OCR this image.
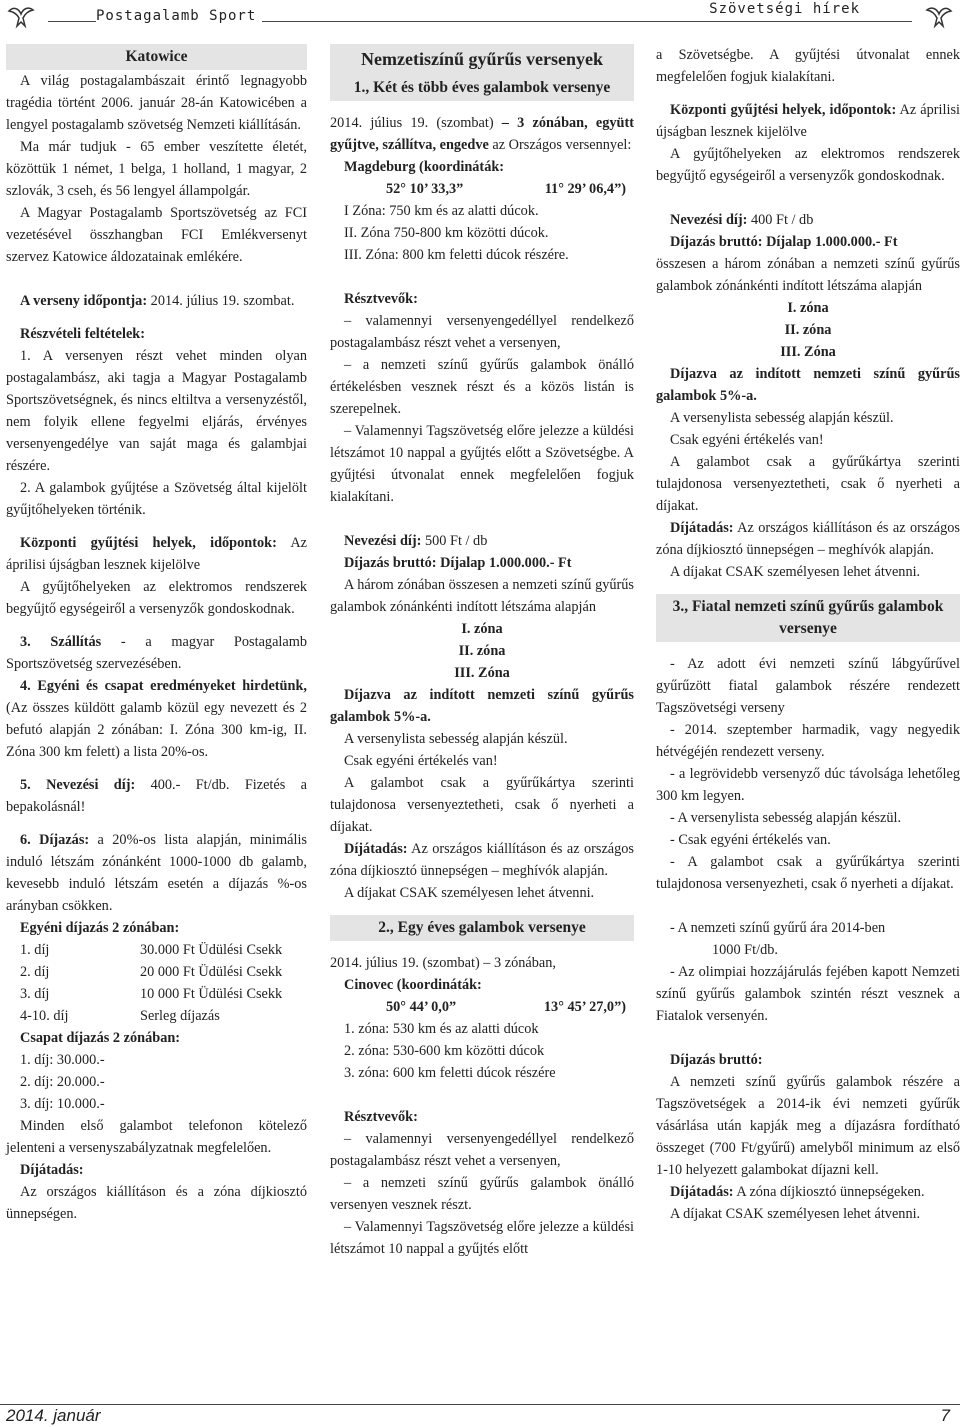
Postagalamb Sport	Szövetségi hírek
Katowice

A világ postagalambászait érintő legnagyobb tragédia történt 2006. január 28-án Katowicében a lengyel postagalamb szövetség Nemzeti kiállításán.

Ma már tudjuk - 65 ember veszítette életét, közöttük 1 német, 1 belga, 1 holland, 1 magyar, 2 szlovák, 3 cseh, és 56 lengyel állampolgár.

A Magyar Postagalamb Sportszövetség az FCI vezetésével összhangban FCI Emlékversenyt szervez Katowice áldozatainak emlékére.

A verseny időpontja: 2014. július 19. szombat.

Részvételi feltételek:

1. A versenyen részt vehet minden olyan postagalambász, aki tagja a Magyar Postagalamb Sportszövetségnek, és nincs eltiltva a versenyzéstől, nem folyik ellene fegyelmi eljárás, érvényes versenyengedélye van saját maga és galambjai részére.

2. A galambok gyűjtése a Szövetség által kijelölt gyűjtőhelyeken történik.

Központi gyűjtési helyek, időpontok: Az áprilisi újságban lesznek kijelölve

A gyűjtőhelyeken az elektromos rendszerek begyűjtő egységeiről a versenyzők gondoskodnak.

3. Szállítás - a magyar Postagalamb Sportszövetség szervezésében.

4. Egyéni és csapat eredményeket hirdetünk, (Az összes küldött galamb közül egy nevezett és 2 befutó alapján 2 zónában: I. Zóna 300 km-ig, II. Zóna 300 km felett) a lista 20%-os.

5. Nevezési díj: 400.- Ft/db. Fizetés a bepakolásnál!

6. Díjazás: a 20%-os lista alapján, minimális induló létszám zónánként 1000-1000 db galamb, kevesebb induló létszám esetén a díjazás %-os arányban csökken.

Egyéni díjazás 2 zónában:

1. díj	30.000 Ft Üdülési Csekk
2. díj	20 000 Ft Üdülési Csekk
3. díj	10 000 Ft Üdülési Csekk
4-10. díj	Serleg díjazás

Csapat díjazás 2 zónában:

1. díj: 30.000.-

2. díj: 20.000.-

3. díj: 10.000.-

Minden első galambot telefonon kötelező jelenteni a versenyszabályzatnak megfelelően.

Díjátadás:

Az országos kiállításon és a zóna díjkiosztó ünnepségen.

Nemzetiszínű gyűrűs versenyek
1., Két és több éves galambok versenye

2014. július 19. (szombat) – 3 zónában, együtt gyűjtve, szállítva, engedve az Országos versennyel:

Magdeburg (koordináták:

52° 10’ 33,3”	11° 29’ 06,4”)

I Zóna: 750 km és az alatti dúcok.

II. Zóna 750-800 km közötti dúcok.

III. Zóna: 800 km feletti dúcok részére.

Résztvevők:

– valamennyi versenyengedéllyel rendelkező postagalambász részt vehet a versenyen,

– a nemzeti színű gyűrűs galambok önálló értékelésben vesznek részt és a közös listán is szerepelnek.

– Valamennyi Tagszövetség előre jelezze a küldési létszámot 10 nappal a gyűjtés előtt a Szövetségbe. A gyűjtési útvonalat ennek megfelelően fogjuk kialakítani.

Nevezési díj: 500 Ft / db

Díjazás bruttó: Díjalap 1.000.000.- Ft

A három zónában összesen a nemzeti színű gyűrűs galambok zónánkénti indított létszáma alapján

I. zóna

II. zóna

III. Zóna

Díjazva az indított nemzeti színű gyűrűs galambok 5%-a.

A versenylista sebesség alapján készül.

Csak egyéni értékelés van!

A galambot csak a gyűrűkártya szerinti tulajdonosa versenyeztetheti, csak ő nyerheti a díjakat.

Díjátadás: Az országos kiállításon és az országos zóna díjkiosztó ünnepségen – meghívók alapján.

A díjakat CSAK személyesen lehet átvenni.

2., Egy éves galambok versenye

2014. július 19. (szombat) – 3 zónában,

Cinovec (koordináták:

50° 44’ 0,0”	13° 45’ 27,0”)

1. zóna: 530 km és az alatti dúcok

2. zóna: 530-600 km közötti dúcok

3. zóna: 600 km feletti dúcok részére

Résztvevők:

– valamennyi versenyengedéllyel rendelkező postagalambász részt vehet a versenyen,

– a nemzeti színű gyűrűs galambok önálló versenyen vesznek részt.

– Valamennyi Tagszövetség előre jelezze a küldési létszámot 10 nappal a gyűjtés előtt

a Szövetségbe. A gyűjtési útvonalat ennek megfelelően fogjuk kialakítani.

Központi gyűjtési helyek, időpontok: Az áprilisi újságban lesznek kijelölve

A gyűjtőhelyeken az elektromos rendszerek begyűjtő egységeiről a versenyzők gondoskodnak.

Nevezési díj: 400 Ft / db

Díjazás bruttó: Díjalap 1.000.000.- Ft

összesen a három zónában a nemzeti színű gyűrűs galambok zónánkénti indított létszáma alapján

I. zóna

II. zóna

III. Zóna

Díjazva az indított nemzeti színű gyűrűs galambok 5%-a.

A versenylista sebesség alapján készül.

Csak egyéni értékelés van!

A galambot csak a gyűrűkártya szerinti tulajdonosa versenyeztetheti, csak ő nyerheti a díjakat.

Díjátadás: Az országos kiállításon és az országos zóna díjkiosztó ünnepségen – meghívók alapján.

A díjakat CSAK személyesen lehet átvenni.

3., Fiatal nemzeti színű gyűrűs galambok versenye

- Az adott évi nemzeti színű lábgyűrűvel gyűrűzött fiatal galambok részére rendezett Tagszövetségi verseny

- 2014. szeptember harmadik, vagy negyedik hétvégéjén rendezett verseny.

- a legrövidebb versenyző dúc távolsága lehetőleg 300 km legyen.

- A versenylista sebesség alapján készül.

- Csak egyéni értékelés van.

- A galambot csak a gyűrűkártya szerinti tulajdonosa versenyezheti, csak ő nyerheti a díjakat.

- A nemzeti színű gyűrű ára 2014-ben

1000 Ft/db.

- Az olimpiai hozzájárulás fejében kapott Nemzeti színű gyűrűs galambok szintén részt vesznek a Fiatalok versenyén.

Díjazás bruttó:

A nemzeti színű gyűrűs galambok részére a Tagszövetségek a 2014-ik évi nemzeti gyűrűk vásárlása után kapják meg a díjazásra fordítható összeget (700 Ft/gyűrű) amelyből minimum az első 1-10 helyezett galambokat díjazni kell.

Díjátadás: A zóna díjkiosztó ünnepségeken.

A díjakat CSAK személyesen lehet átvenni.

2014. január	7
